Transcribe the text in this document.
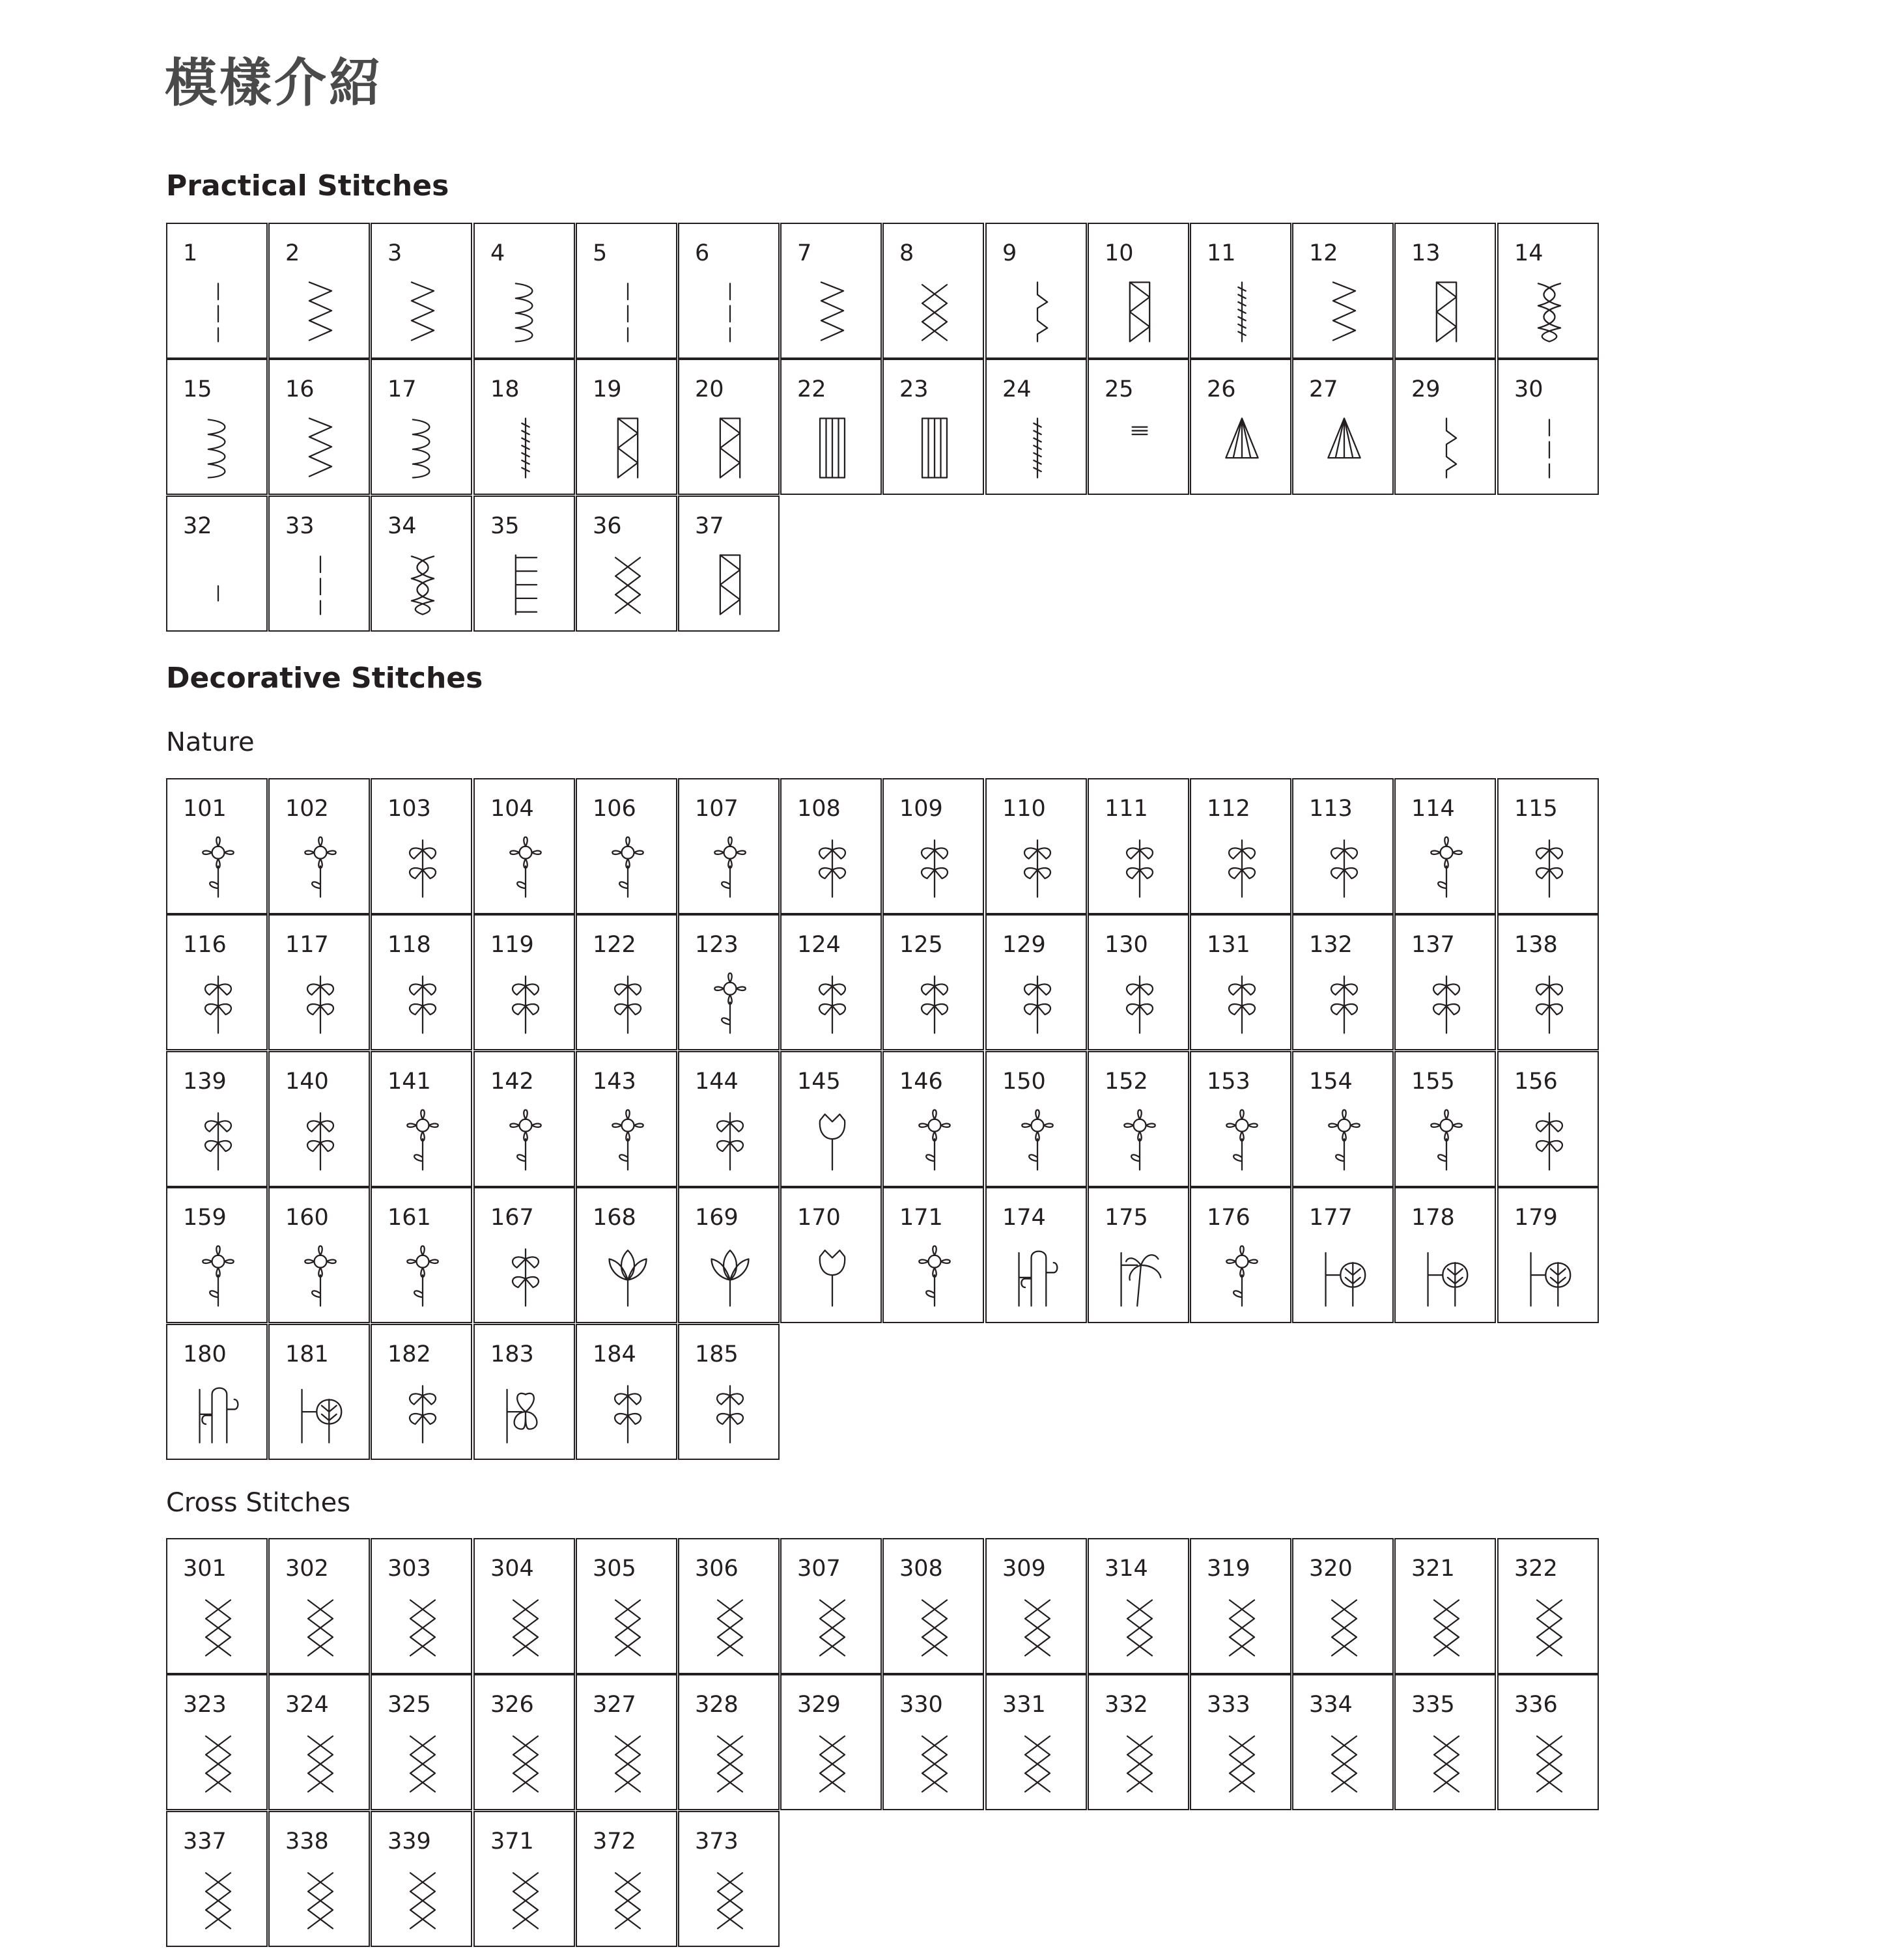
模樣介紹
Practical Stitches
1	2	3	4	5	6	7	8	9	10	11	12	13	14
15	16	17	18	19	20	22	23	24	25	26	27	29	30
32	33	34	35	36	37
Decorative Stitches
Nature
101	102	103	104	106	107	108	109	110	111	112	113	114	115
116	117	118	119	122	123	124	125	129	130	131	132	137	138
139	140	141	142	143	144	145	146	150	152	153	154	155	156
159	160	161	167	168	169	170	171	174	175	176	177	178	179
180	181	182	183	184	185
Cross Stitches
301	302	303	304	305	306	307	308	309	314	319	320	321	322
323	324	325	326	327	328	329	330	331	332	333	334	335	336
337	338	339	371	372	373
